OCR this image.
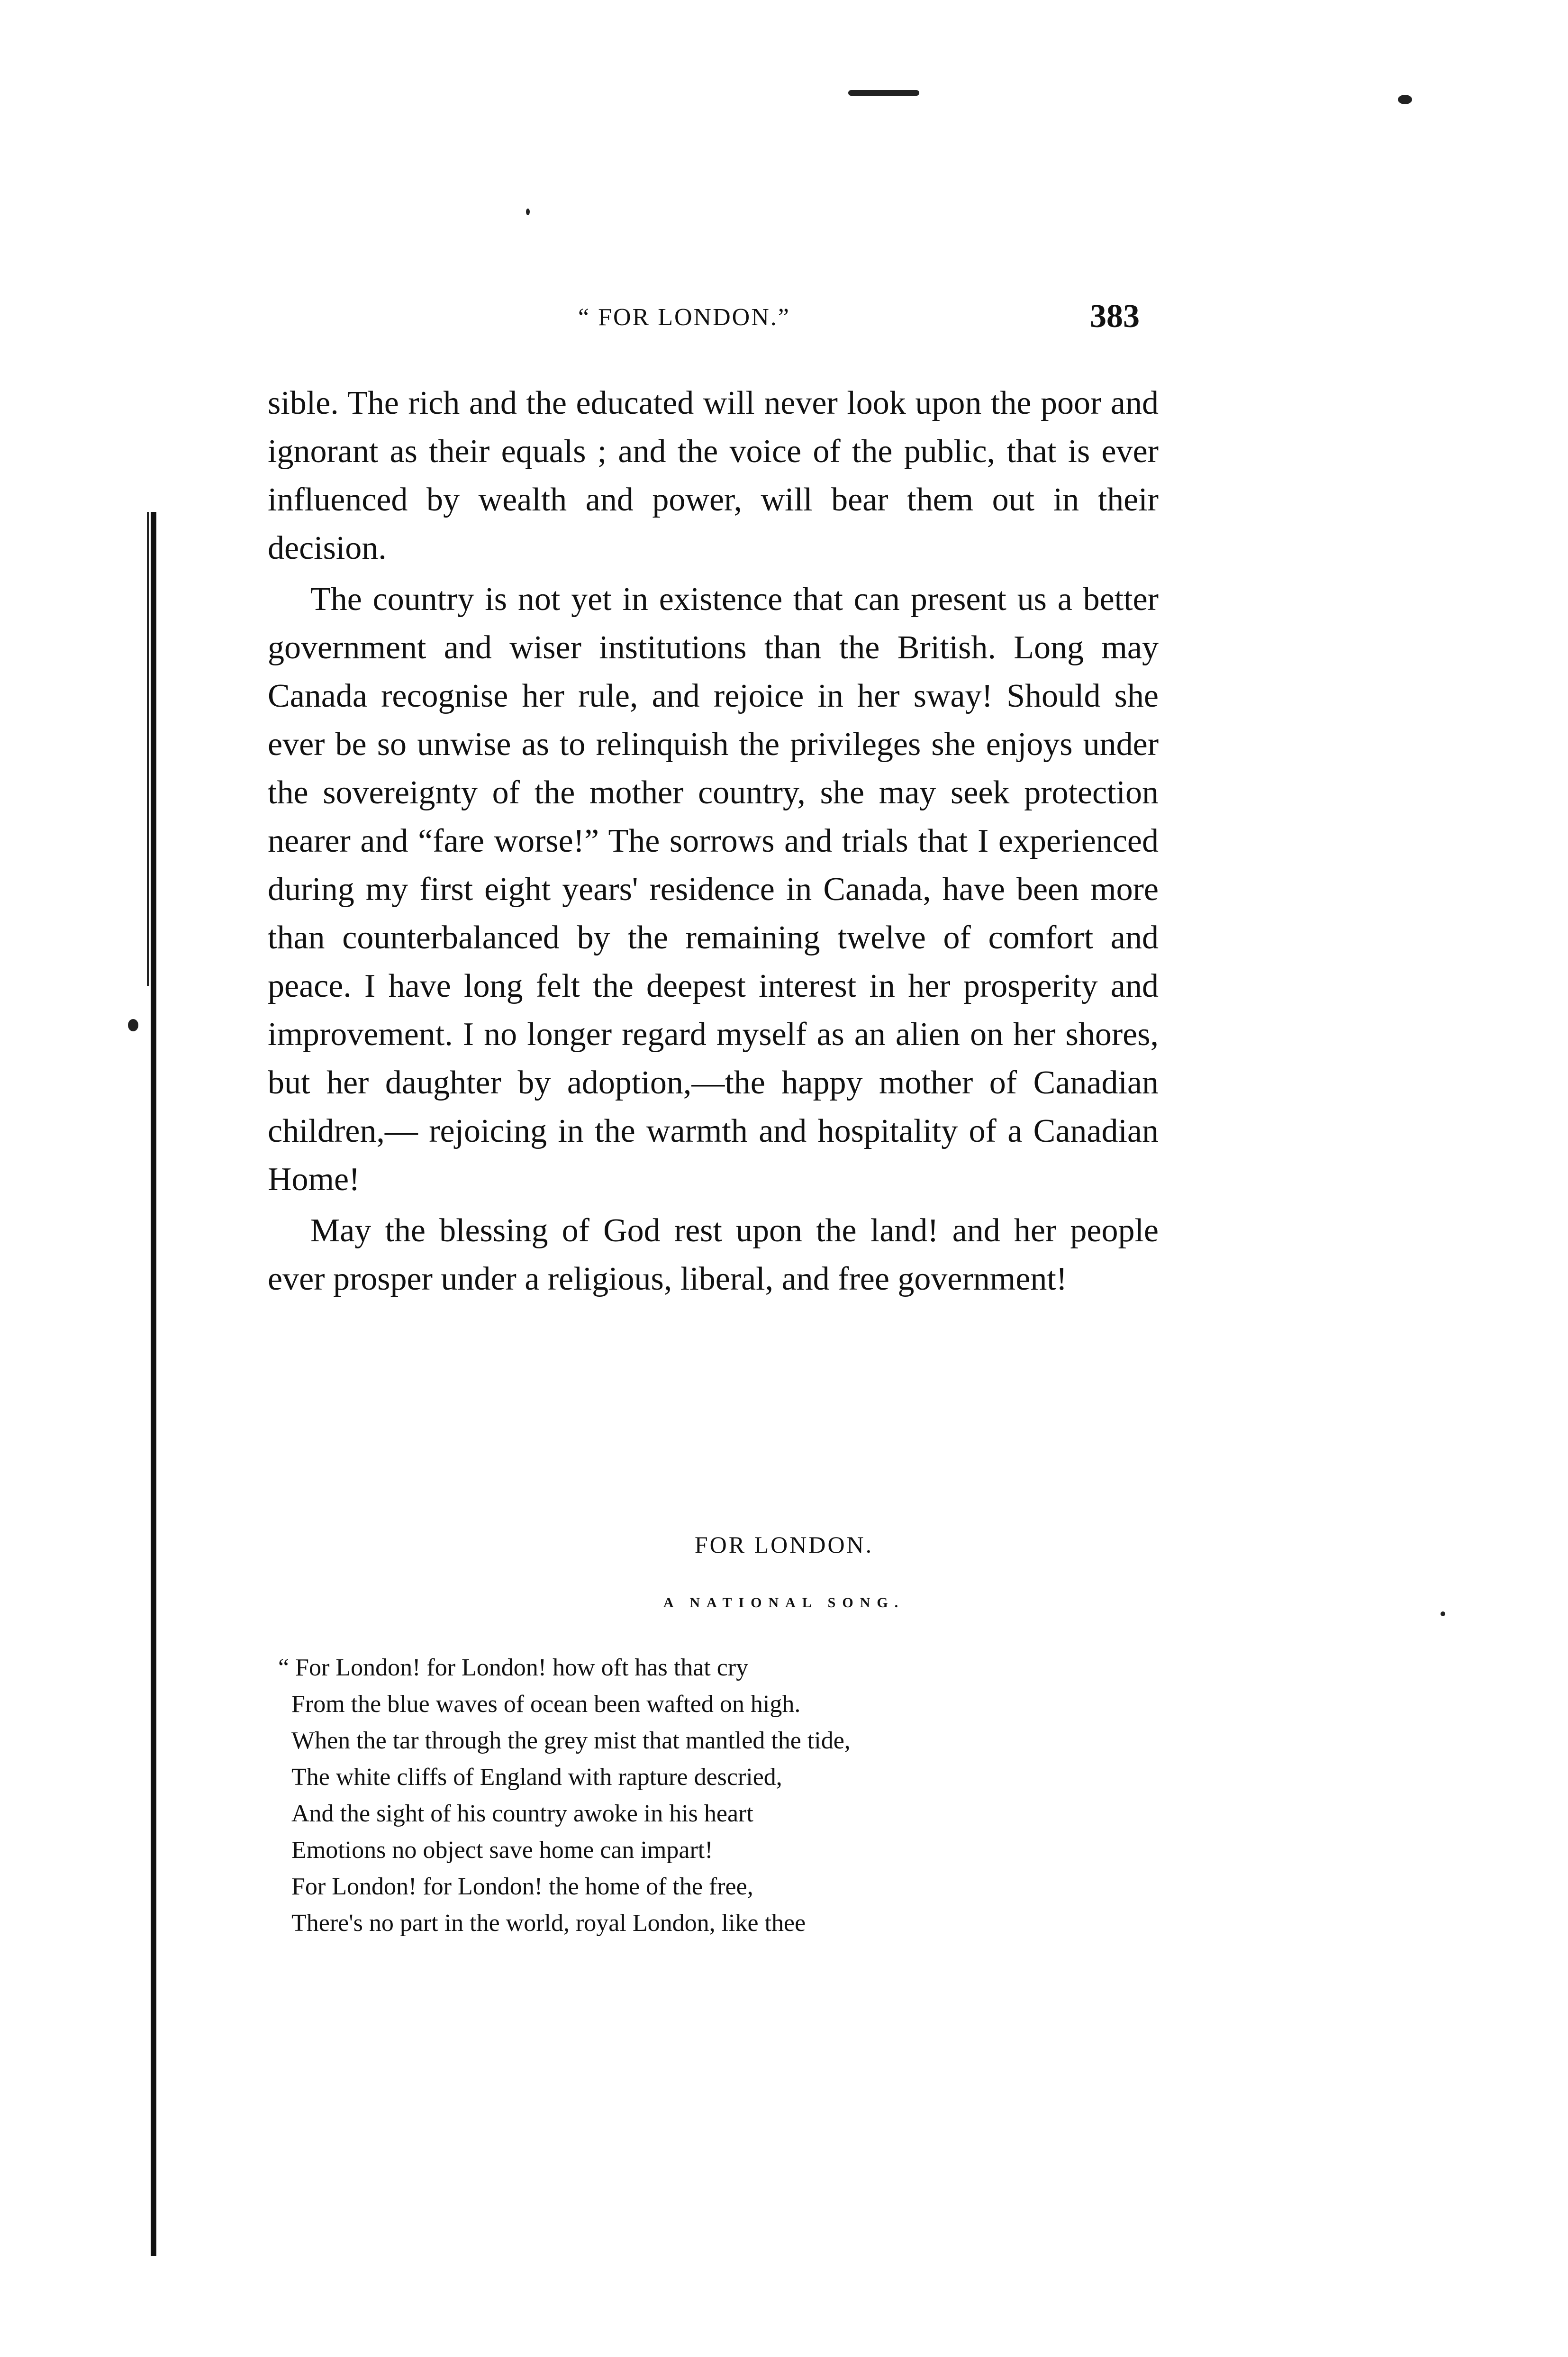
“ FOR LONDON.”	383

sible. The rich and the educated will never look upon the poor and ignorant as their equals ; and the voice of the public, that is ever influenced by wealth and power, will bear them out in their decision.

The country is not yet in existence that can present us a better government and wiser institutions than the British. Long may Canada recognise her rule, and rejoice in her sway! Should she ever be so unwise as to relinquish the privileges she enjoys under the sovereignty of the mother country, she may seek protection nearer and “fare worse!” The sorrows and trials that I experienced during my first eight years' residence in Canada, have been more than counterbalanced by the remaining twelve of comfort and peace. I have long felt the deepest interest in her prosperity and improvement. I no longer regard myself as an alien on her shores, but her daughter by adoption,—the happy mother of Canadian children,— rejoicing in the warmth and hospitality of a Canadian Home!

May the blessing of God rest upon the land! and her people ever prosper under a religious, liberal, and free government!

FOR LONDON.
A NATIONAL SONG.
“ For London! for London! how oft has that cry
From the blue waves of ocean been wafted on high.
When the tar through the grey mist that mantled the tide,
The white cliffs of England with rapture descried,
And the sight of his country awoke in his heart
Emotions no object save home can impart!
For London! for London! the home of the free,
There's no part in the world, royal London, like thee
